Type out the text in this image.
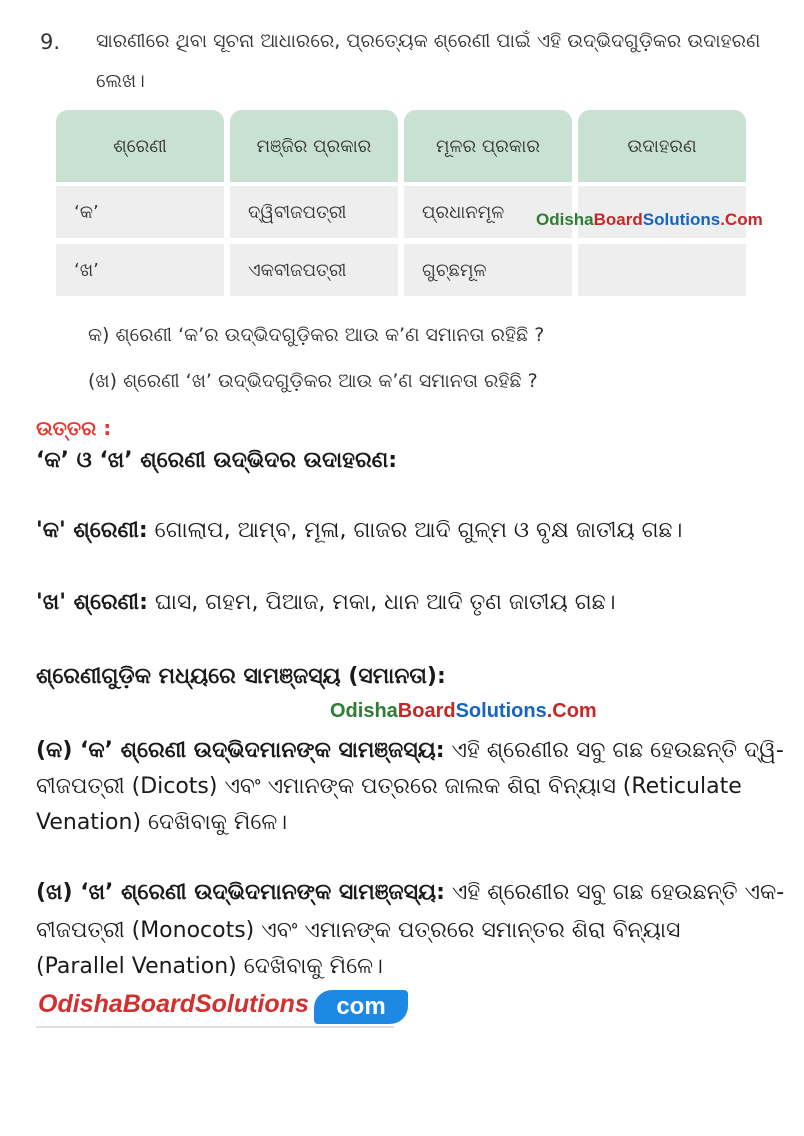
9. ସାରଣୀରେ ଥିବା ସୂଚନା ଆଧାରରେ, ପ୍ରତ୍ୟେକ ଶ୍ରେଣୀ ପାଇଁ ଏହି ଉଦ୍ଭିଦଗୁଡ଼ିକର ଉଦାହରଣ
ଲେଖ।
ଶ୍ରେଣୀ	ମଞ୍ଜିର ପ୍ରକାର	ମୂଳର ପ୍ରକାର	ଉଦାହରଣ
‘କ’	ଦ୍ୱିବୀଜପତ୍ରୀ	ପ୍ରଧାନମୂଳ
‘ଖ’	ଏକବୀଜପତ୍ରୀ	ଗୁଚ୍ଛମୂଳ
OdishaBoardSolutions.Com
କ) ଶ୍ରେଣୀ ‘କ’ର ଉଦ୍ଭିଦଗୁଡ଼ିକର ଆଉ କ’ଣ ସମାନତା ରହିଛି ?
(ଖ) ଶ୍ରେଣୀ ‘ଖ’ ଉଦ୍ଭିଦଗୁଡ଼ିକର ଆଉ କ’ଣ ସମାନତା ରହିଛି ?
ଉତ୍ତର :
‘କ’ ଓ ‘ଖ’ ଶ୍ରେଣୀ ଉଦ୍ଭିଦର ଉଦାହରଣ:
'କ' ଶ୍ରେଣୀ: ଗୋଲାପ, ଆମ୍ବ, ମୂଳା, ଗାଜର ଆଦି ଗୁଳ୍ମ ଓ ବୃକ୍ଷ ଜାତୀୟ ଗଛ।
'ଖ' ଶ୍ରେଣୀ: ଘାସ, ଗହମ, ପିଆଜ, ମକା, ଧାନ ଆଦି ତୃଣ ଜାତୀୟ ଗଛ।
ଶ୍ରେଣୀଗୁଡ଼ିକ ମଧ୍ୟରେ ସାମଞ୍ଜସ୍ୟ (ସମାନତା):
OdishaBoardSolutions.Com
(କ) ‘କ’ ଶ୍ରେଣୀ ଉଦ୍ଭିଦମାନଙ୍କ ସାମଞ୍ଜସ୍ୟ: ଏହି ଶ୍ରେଣୀର ସବୁ ଗଛ ହେଉଛନ୍ତି ଦ୍ୱି-
ବୀଜପତ୍ରୀ (Dicots) ଏବଂ ଏମାନଙ୍କ ପତ୍ରରେ ଜାଲକ ଶିରା ବିନ୍ୟାସ (Reticulate
Venation) ଦେଖିବାକୁ ମିଳେ।
(ଖ) ‘ଖ’ ଶ୍ରେଣୀ ଉଦ୍ଭିଦମାନଙ୍କ ସାମଞ୍ଜସ୍ୟ: ଏହି ଶ୍ରେଣୀର ସବୁ ଗଛ ହେଉଛନ୍ତି ଏକ-
ବୀଜପତ୍ରୀ (Monocots) ଏବଂ ଏମାନଙ୍କ ପତ୍ରରେ ସମାନ୍ତର ଶିରା ବିନ୍ୟାସ
(Parallel Venation) ଦେଖିବାକୁ ମିଳେ।
OdishaBoardSolutions	com
